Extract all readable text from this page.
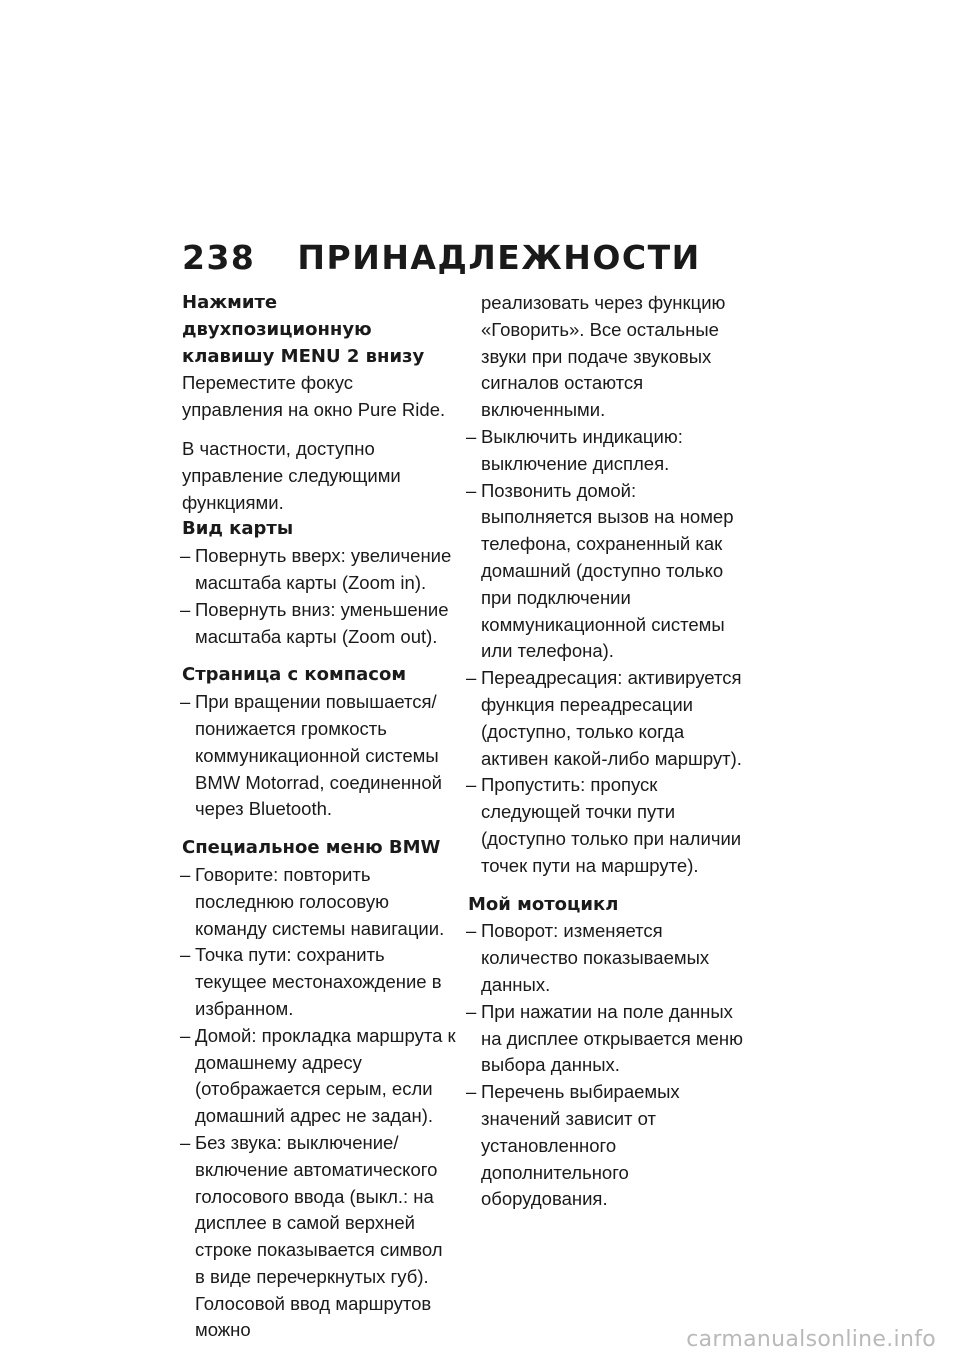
238 ПРИНАДЛЕЖНОСТИ
Нажмите двухпозиционную клавишу MENU 2 внизу

Переместите фокус управления на окно Pure Ride.

В частности, доступно управление следующими функциями.

Вид карты
– Повернуть вверх: увеличение масштаба карты (Zoom in).
– Повернуть вниз: уменьшение масштаба карты (Zoom out).
Страница с компасом
– При вращении повышается/понижается громкость коммуникационной системы BMW Motorrad, соединенной через Bluetooth.
Специальное меню BMW
– Говорите: повторить последнюю голосовую команду системы навигации.
– Точка пути: сохранить текущее местонахождение в избранном.
– Домой: прокладка маршрута к домашнему адресу (отображается серым, если домашний адрес не задан).
– Без звука: выключение/включение автоматического голосового ввода (выкл.: на дисплее в самой верхней строке показывается символ в виде перечеркнутых губ). Голосовой ввод маршрутов можно
реализовать через функцию «Говорить». Все остальные звуки при подаче звуковых сигналов остаются включенными.
– Выключить индикацию: выключение дисплея.
– Позвонить домой: выполняется вызов на номер телефона, сохраненный как домашний (доступно только при подключении коммуникационной системы или телефона).
– Переадресация: активируется функция переадресации (доступно, только когда активен какой-либо маршрут).
– Пропустить: пропуск следующей точки пути (доступно только при наличии точек пути на маршруте).
Мой мотоцикл
– Поворот: изменяется количество показываемых данных.
– При нажатии на поле данных на дисплее открывается меню выбора данных.
– Перечень выбираемых значений зависит от установленного дополнительного оборудования.
carmanualsonline.info
